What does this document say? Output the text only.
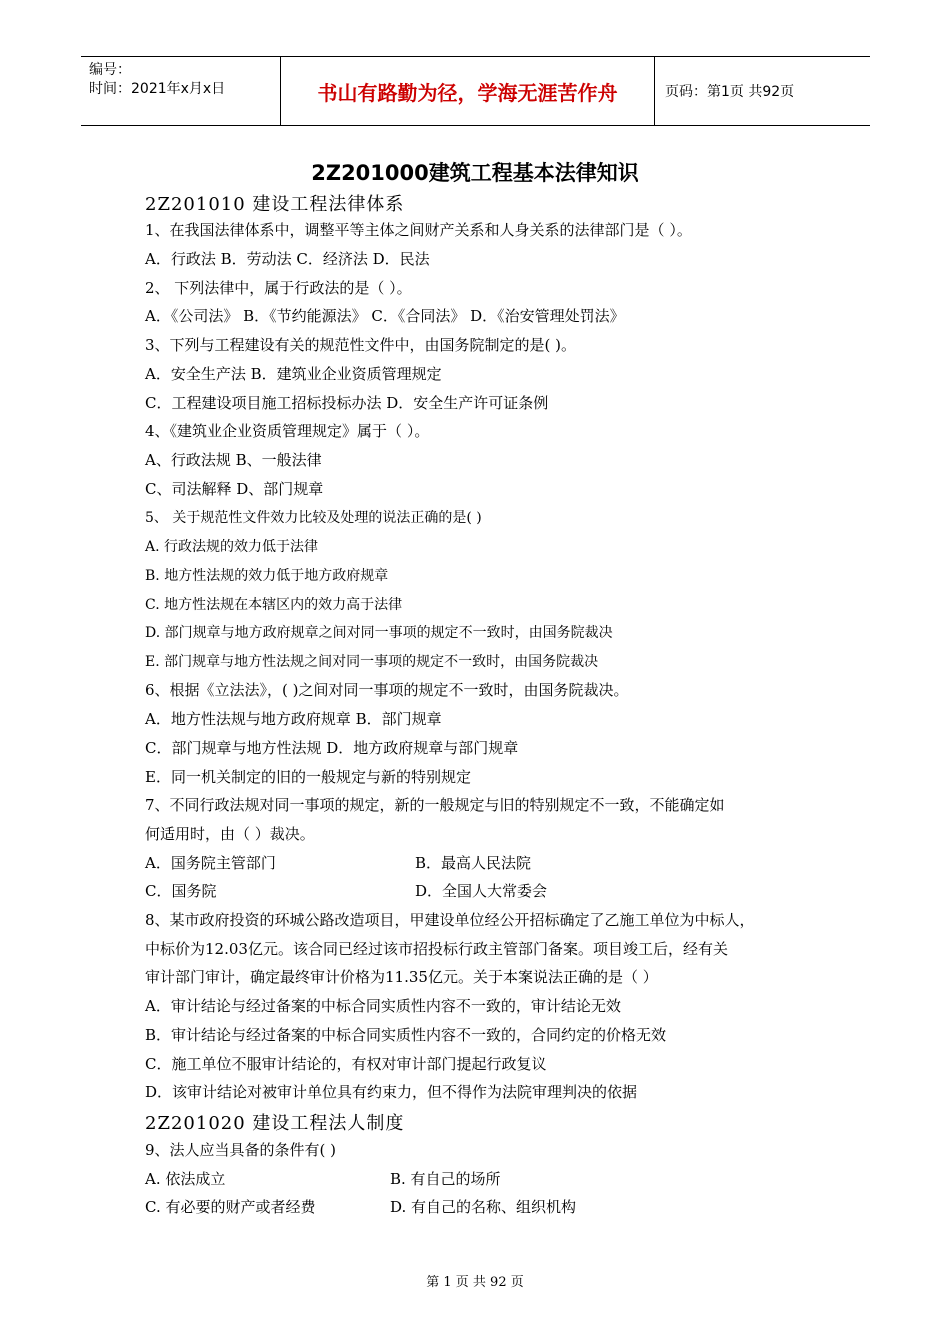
编号：
时间：2021年x月x日	书山有路勤为径，学海无涯苦作舟	页码：第1页 共92页
2Z201000建筑工程基本法律知识
2Z201010 建设工程法律体系
1、在我国法律体系中，调整平等主体之间财产关系和人身关系的法律部门是（ ）。
A．行政法 B．劳动法 C．经济法 D．民法
2、 下列法律中，属于行政法的是（ ）。
A．《公司法》 B．《节约能源法》 C．《合同法》 D．《治安管理处罚法》
3、下列与工程建设有关的规范性文件中，由国务院制定的是( )。
A．安全生产法 B．建筑业企业资质管理规定
C．工程建设项目施工招标投标办法 D．安全生产许可证条例
4、《建筑业企业资质管理规定》属于（ ）。
A、行政法规 B、一般法律
C、司法解释 D、部门规章
5、 关于规范性文件效力比较及处理的说法正确的是( )
A. 行政法规的效力低于法律
B. 地方性法规的效力低于地方政府规章
C. 地方性法规在本辖区内的效力高于法律
D. 部门规章与地方政府规章之间对同一事项的规定不一致时，由国务院裁决
E. 部门规章与地方性法规之间对同一事项的规定不一致时，由国务院裁决
6、根据《立法法》，( )之间对同一事项的规定不一致时，由国务院裁决。
A．地方性法规与地方政府规章 B．部门规章
C．部门规章与地方性法规 D．地方政府规章与部门规章
E．同一机关制定的旧的一般规定与新的特别规定
7、不同行政法规对同一事项的规定，新的一般规定与旧的特别规定不一致，不能确定如
何适用时，由（ ）裁决。
A．国务院主管部门	B．最高人民法院
C．国务院	D．全国人大常委会
8、某市政府投资的环城公路改造项目，甲建设单位经公开招标确定了乙施工单位为中标人，
中标价为12.03亿元。该合同已经过该市招投标行政主管部门备案。项目竣工后，经有关
审计部门审计，确定最终审计价格为11.35亿元。关于本案说法正确的是（ ）
A．审计结论与经过备案的中标合同实质性内容不一致的，审计结论无效
B．审计结论与经过备案的中标合同实质性内容不一致的，合同约定的价格无效
C．施工单位不服审计结论的，有权对审计部门提起行政复议
D．该审计结论对被审计单位具有约束力，但不得作为法院审理判决的依据
2Z201020 建设工程法人制度
9、法人应当具备的条件有( )
A. 依法成立	B. 有自己的场所
C. 有必要的财产或者经费	D. 有自己的名称、组织机构
第 1 页 共 92 页
